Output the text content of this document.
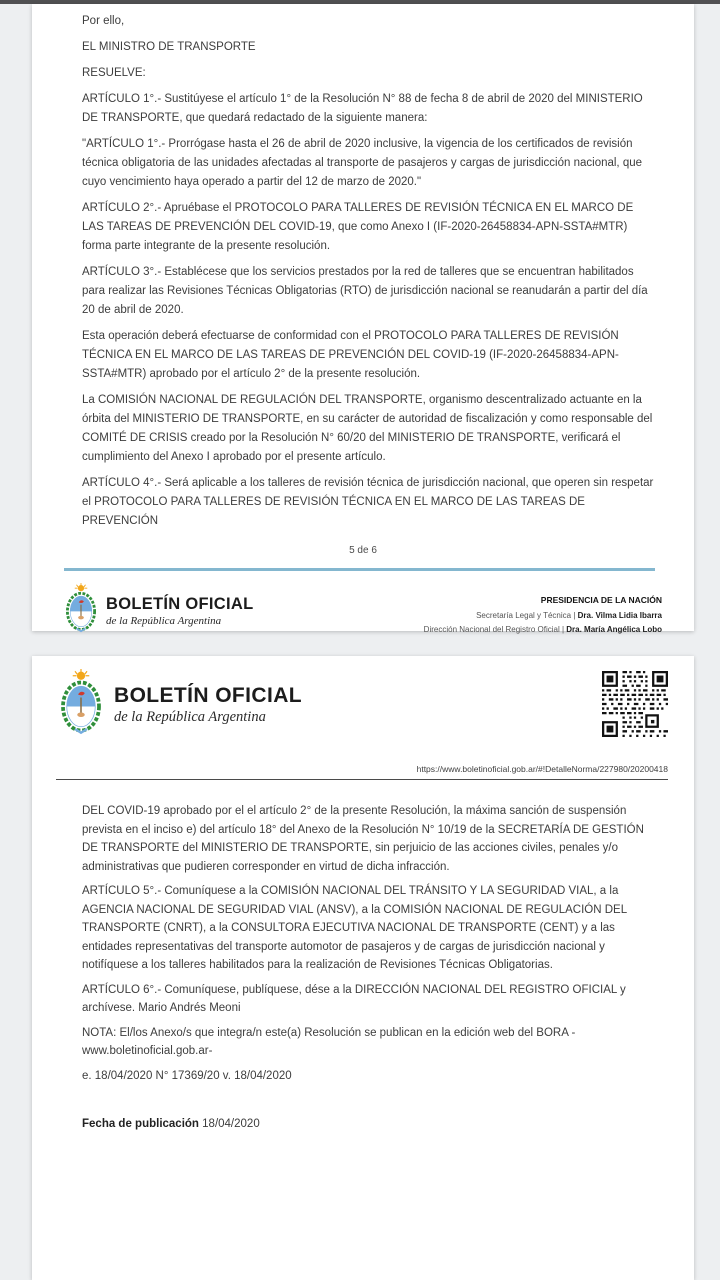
Por ello,

EL MINISTRO DE TRANSPORTE

RESUELVE:

ARTÍCULO 1°.- Sustitúyese el artículo 1° de la Resolución N° 88 de fecha 8 de abril de 2020 del MINISTERIO DE TRANSPORTE, que quedará redactado de la siguiente manera:

"ARTÍCULO 1°.- Prorrógase hasta el 26 de abril de 2020 inclusive, la vigencia de los certificados de revisión técnica obligatoria de las unidades afectadas al transporte de pasajeros y cargas de jurisdicción nacional, que cuyo vencimiento haya operado a partir del 12 de marzo de 2020."

ARTÍCULO 2°.- Apruébase el PROTOCOLO PARA TALLERES DE REVISIÓN TÉCNICA EN EL MARCO DE LAS TAREAS DE PREVENCIÓN DEL COVID-19, que como Anexo I (IF-2020-26458834-APN-SSTA#MTR) forma parte integrante de la presente resolución.

ARTÍCULO 3°.- Establécese que los servicios prestados por la red de talleres que se encuentran habilitados para realizar las Revisiones Técnicas Obligatorias (RTO) de jurisdicción nacional se reanudarán a partir del día 20 de abril de 2020.

Esta operación deberá efectuarse de conformidad con el PROTOCOLO PARA TALLERES DE REVISIÓN TÉCNICA EN EL MARCO DE LAS TAREAS DE PREVENCIÓN DEL COVID-19 (IF-2020-26458834-APN-SSTA#MTR) aprobado por el artículo 2° de la presente resolución.

La COMISIÓN NACIONAL DE REGULACIÓN DEL TRANSPORTE, organismo descentralizado actuante en la órbita del MINISTERIO DE TRANSPORTE, en su carácter de autoridad de fiscalización y como responsable del COMITÉ DE CRISIS creado por la Resolución N° 60/20 del MINISTERIO DE TRANSPORTE, verificará el cumplimiento del Anexo I aprobado por el presente artículo.

ARTÍCULO 4°.- Será aplicable a los talleres de revisión técnica de jurisdicción nacional, que operen sin respetar el PROTOCOLO PARA TALLERES DE REVISIÓN TÉCNICA EN EL MARCO DE LAS TAREAS DE PREVENCIÓN

5 de 6
BOLETÍN OFICIAL
de la República Argentina
PRESIDENCIA DE LA NACIÓN
Secretaría Legal y Técnica | Dra. Vilma Lidia Ibarra
Dirección Nacional del Registro Oficial | Dra. María Angélica Lobo
BOLETÍN OFICIAL
de la República Argentina
https://www.boletinoficial.gob.ar/#!DetalleNorma/227980/20200418

DEL COVID-19 aprobado por el el artículo 2° de la presente Resolución, la máxima sanción de suspensión prevista en el inciso e) del artículo 18° del Anexo de la Resolución N° 10/19 de la SECRETARÍA DE GESTIÓN DE TRANSPORTE del MINISTERIO DE TRANSPORTE, sin perjuicio de las acciones civiles, penales y/o administrativas que pudieren corresponder en virtud de dicha infracción.

ARTÍCULO 5°.- Comuníquese a la COMISIÓN NACIONAL DEL TRÁNSITO Y LA SEGURIDAD VIAL, a la AGENCIA NACIONAL DE SEGURIDAD VIAL (ANSV), a la COMISIÓN NACIONAL DE REGULACIÓN DEL TRANSPORTE (CNRT), a la CONSULTORA EJECUTIVA NACIONAL DE TRANSPORTE (CENT) y a las entidades representativas del transporte automotor de pasajeros y de cargas de jurisdicción nacional y notifíquese a los talleres habilitados para la realización de Revisiones Técnicas Obligatorias.

ARTÍCULO 6°.- Comuníquese, publíquese, dése a la DIRECCIÓN NACIONAL DEL REGISTRO OFICIAL y archívese. Mario Andrés Meoni

NOTA: El/los Anexo/s que integra/n este(a) Resolución se publican en la edición web del BORA -www.boletinoficial.gob.ar-

e. 18/04/2020 N° 17369/20 v. 18/04/2020

Fecha de publicación 18/04/2020
